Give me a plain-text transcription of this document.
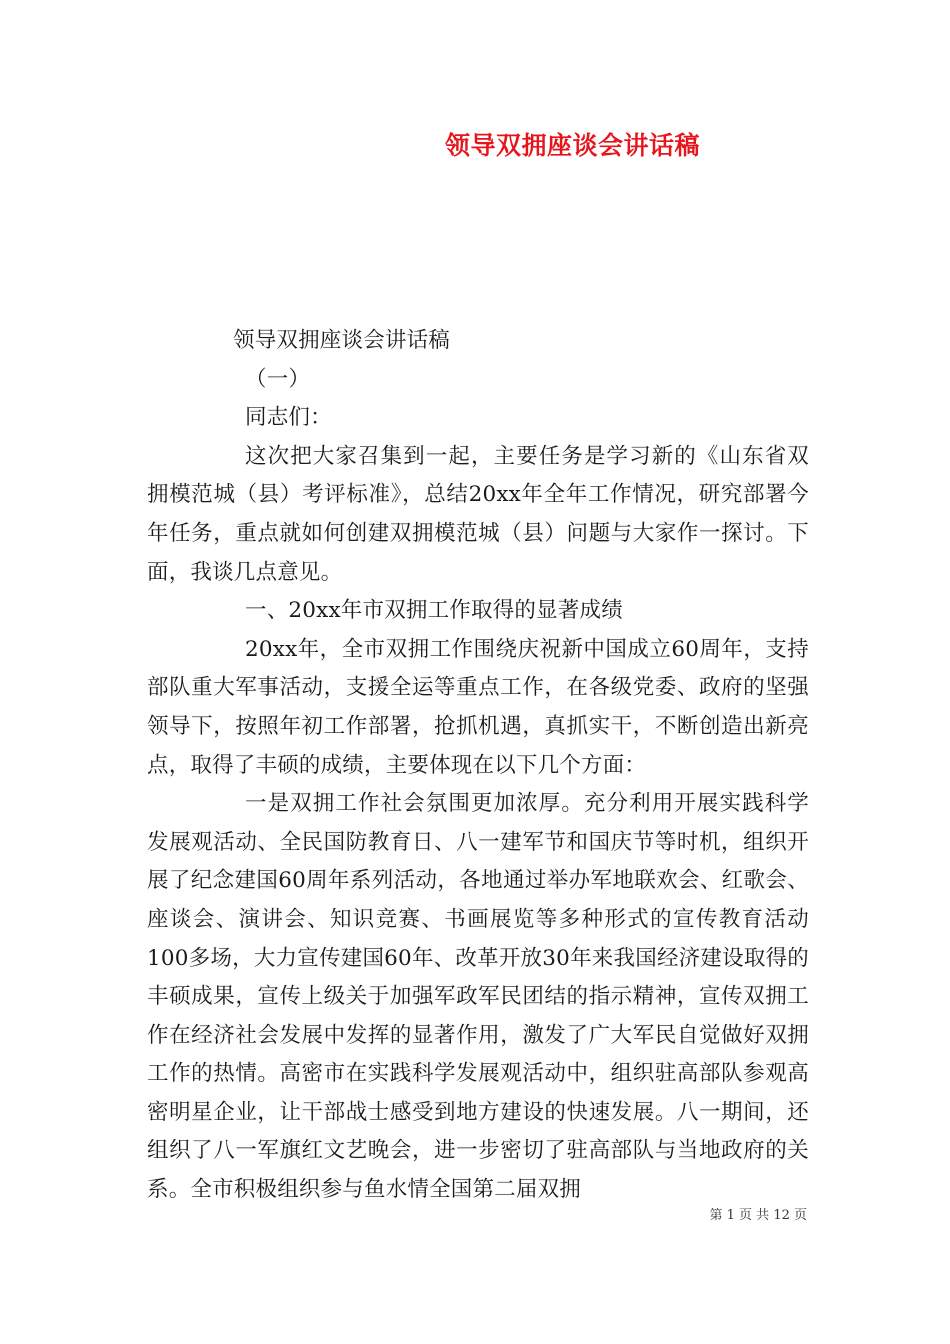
领导双拥座谈会讲话稿

领导双拥座谈会讲话稿

（一）

同志们：

这次把大家召集到一起，主要任务是学习新的《山东省双拥模范城（县）考评标准》，总结20xx年全年工作情况，研究部署今年任务，重点就如何创建双拥模范城（县）问题与大家作一探讨。下面，我谈几点意见。

一、20xx年市双拥工作取得的显著成绩

20xx年，全市双拥工作围绕庆祝新中国成立60周年，支持部队重大军事活动，支援全运等重点工作，在各级党委、政府的坚强领导下，按照年初工作部署，抢抓机遇，真抓实干，不断创造出新亮点，取得了丰硕的成绩，主要体现在以下几个方面：

一是双拥工作社会氛围更加浓厚。充分利用开展实践科学发展观活动、全民国防教育日、八一建军节和国庆节等时机，组织开展了纪念建国60周年系列活动，各地通过举办军地联欢会、红歌会、座谈会、演讲会、知识竞赛、书画展览等多种形式的宣传教育活动100多场，大力宣传建国60年、改革开放30年来我国经济建设取得的丰硕成果，宣传上级关于加强军政军民团结的指示精神，宣传双拥工作在经济社会发展中发挥的显著作用，激发了广大军民自觉做好双拥工作的热情。高密市在实践科学发展观活动中，组织驻高部队参观高密明星企业，让干部战士感受到地方建设的快速发展。八一期间，还组织了八一军旗红文艺晚会，进一步密切了驻高部队与当地政府的关系。全市积极组织参与鱼水情全国第二届双拥

第 1 页 共 12 页
